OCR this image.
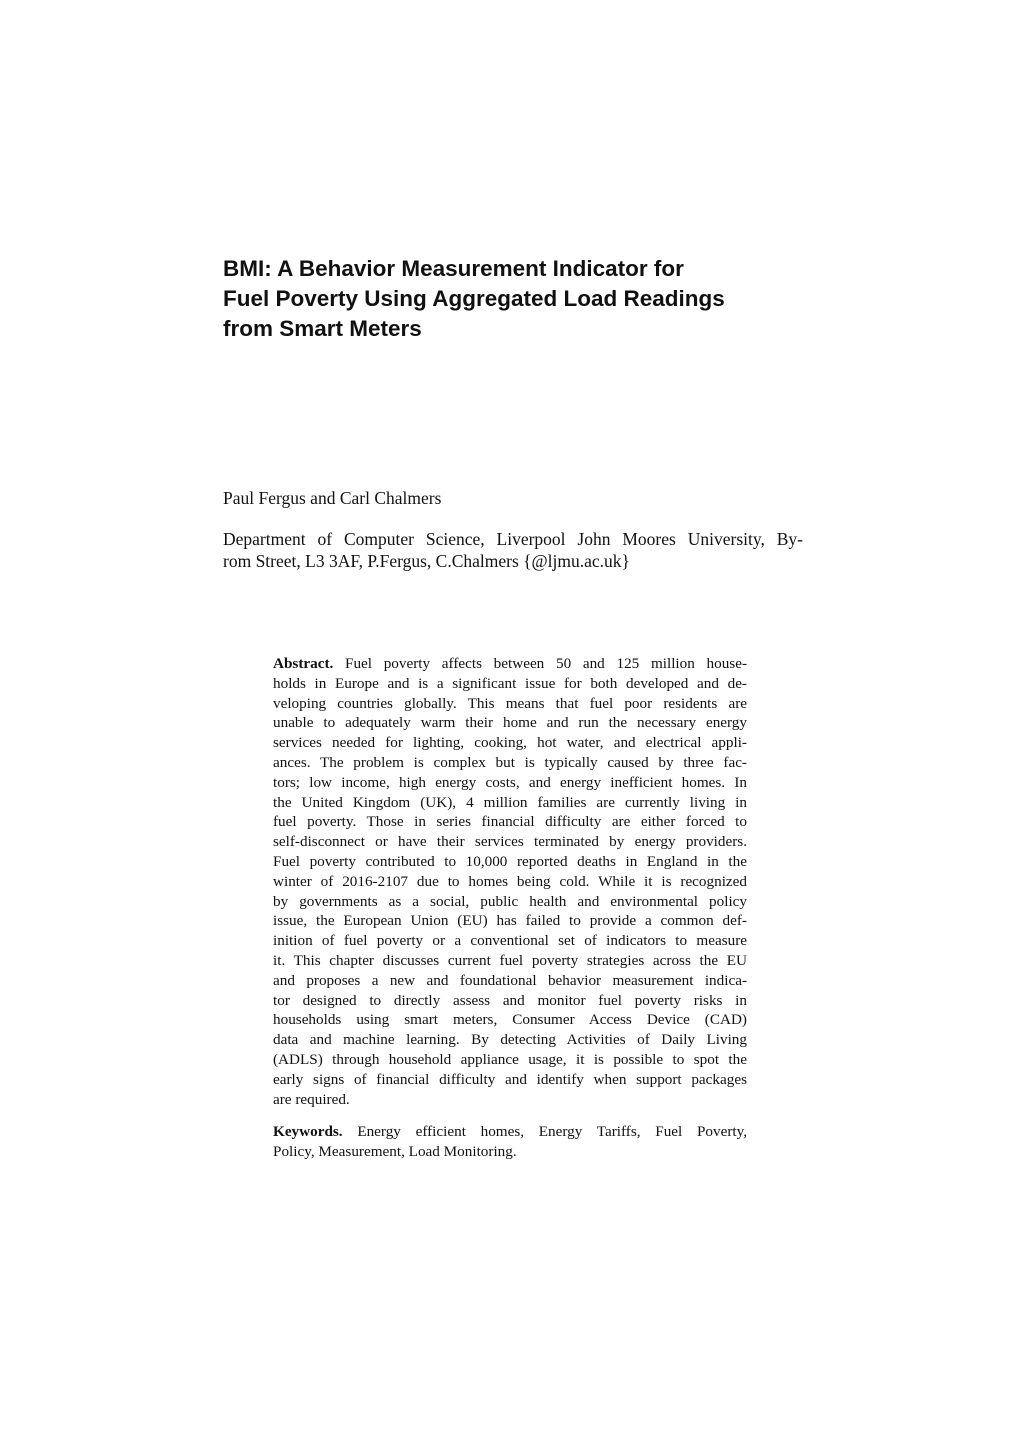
BMI: A Behavior Measurement Indicator for
Fuel Poverty Using Aggregated Load Readings
from Smart Meters

Paul Fergus and Carl Chalmers

Department of Computer Science, Liverpool John Moores University, By-
rom Street, L3 3AF, P.Fergus, C.Chalmers {@ljmu.ac.uk}

Abstract. Fuel poverty affects between 50 and 125 million house-
holds in Europe and is a significant issue for both developed and de-
veloping countries globally. This means that fuel poor residents are
unable to adequately warm their home and run the necessary energy
services needed for lighting, cooking, hot water, and electrical appli-
ances. The problem is complex but is typically caused by three fac-
tors; low income, high energy costs, and energy inefficient homes. In
the United Kingdom (UK), 4 million families are currently living in
fuel poverty. Those in series financial difficulty are either forced to
self-disconnect or have their services terminated by energy providers.
Fuel poverty contributed to 10,000 reported deaths in England in the
winter of 2016-2107 due to homes being cold. While it is recognized
by governments as a social, public health and environmental policy
issue, the European Union (EU) has failed to provide a common def-
inition of fuel poverty or a conventional set of indicators to measure
it. This chapter discusses current fuel poverty strategies across the EU
and proposes a new and foundational behavior measurement indica-
tor designed to directly assess and monitor fuel poverty risks in
households using smart meters, Consumer Access Device (CAD)
data and machine learning. By detecting Activities of Daily Living
(ADLS) through household appliance usage, it is possible to spot the
early signs of financial difficulty and identify when support packages
are required.
Keywords. Energy efficient homes, Energy Tariffs, Fuel Poverty,
Policy, Measurement, Load Monitoring.
